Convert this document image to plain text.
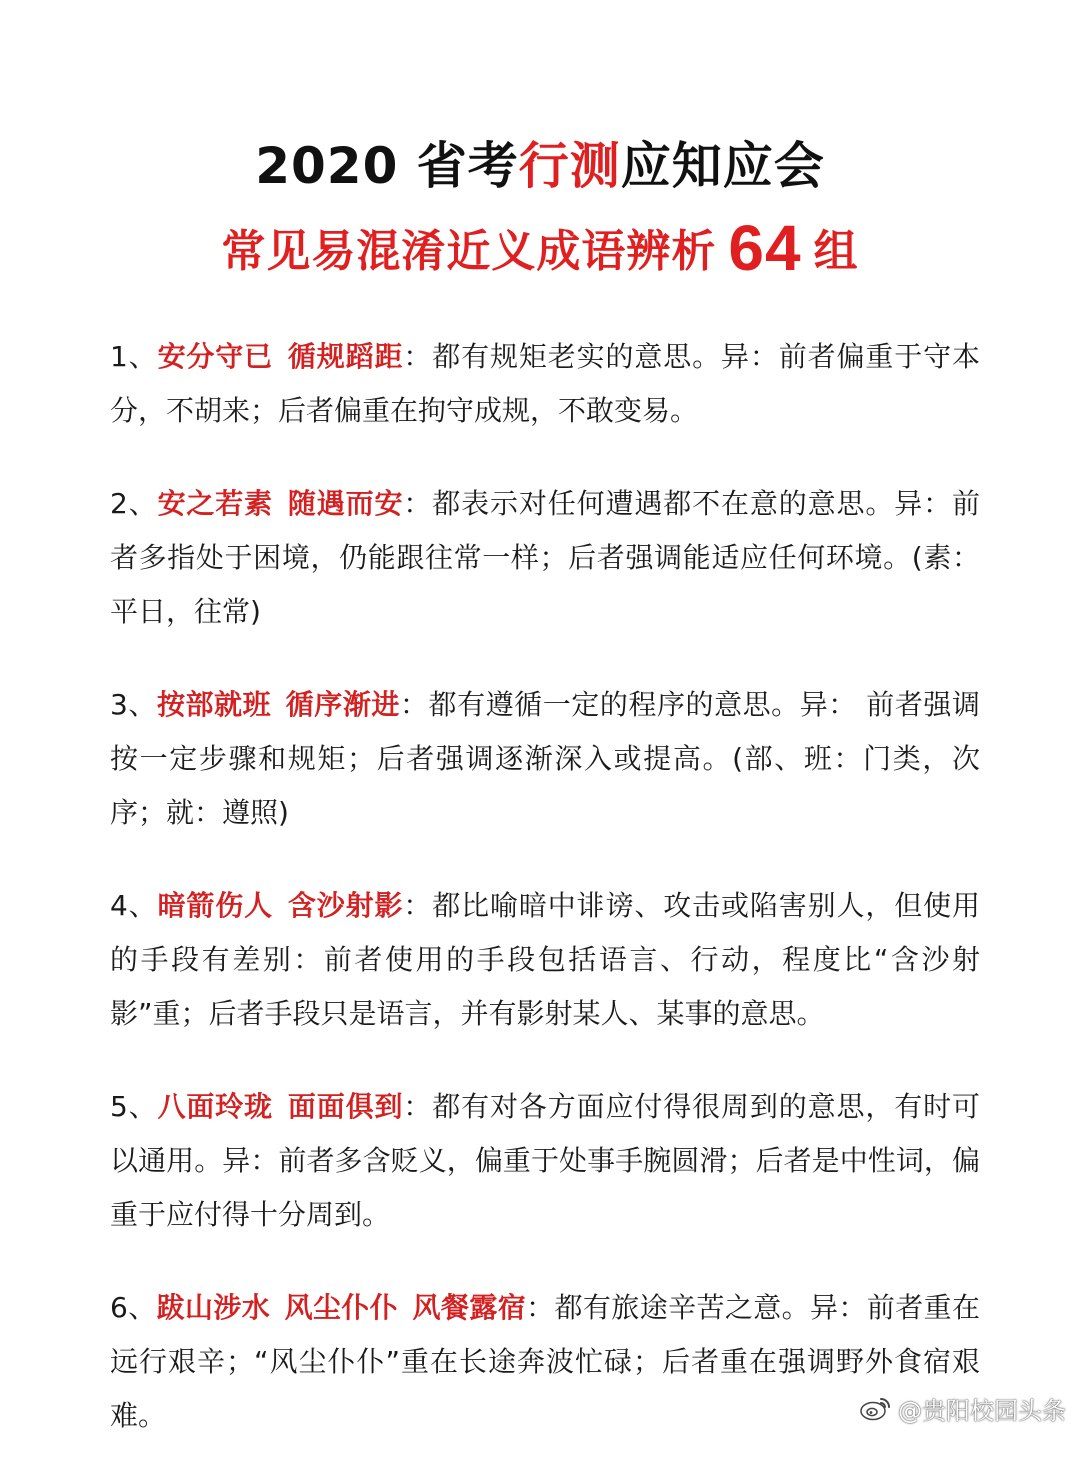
2020 省考行测应知应会
常见易混淆近义成语辨析 64 组
1、安分守已 循规蹈距：都有规矩老实的意思。异：前者偏重于守本分，不胡来；后者偏重在拘守成规，不敢变易。
2、安之若素 随遇而安：都表示对任何遭遇都不在意的意思。异：前者多指处于困境，仍能跟往常一样；后者强调能适应任何环境。(素：平日，往常)
3、按部就班 循序渐进：都有遵循一定的程序的意思。异： 前者强调按一定步骤和规矩；后者强调逐渐深入或提高。(部、班：门类，次序；就：遵照)
4、暗箭伤人 含沙射影：都比喻暗中诽谤、攻击或陷害别人，但使用的手段有差别：前者使用的手段包括语言、行动，程度比“含沙射影”重；后者手段只是语言，并有影射某人、某事的意思。
5、八面玲珑 面面俱到：都有对各方面应付得很周到的意思，有时可以通用。异：前者多含贬义，偏重于处事手腕圆滑；后者是中性词，偏重于应付得十分周到。
6、跋山涉水 风尘仆仆 风餐露宿：都有旅途辛苦之意。异：前者重在远行艰辛；“风尘仆仆”重在长途奔波忙碌；后者重在强调野外食宿艰难。	@贵阳校园头条
